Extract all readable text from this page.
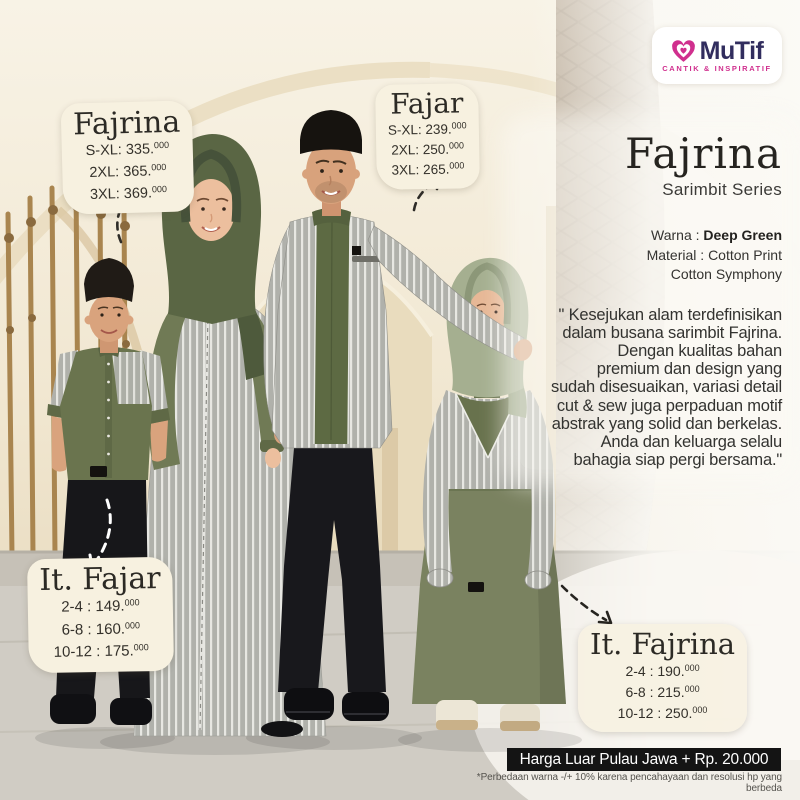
MuTif
CANTIK & INSPIRATIF
Fajrina
Sarimbit Series
Warna : Deep Green
Material : Cotton Print
Cotton Symphony
" Kesejukan alam terdefinisikan
dalam busana sarimbit Fajrina.
Dengan kualitas bahan
premium dan design yang
sudah disesuaikan, variasi detail
cut & sew juga perpaduan motif
abstrak yang solid dan berkelas.
Anda dan keluarga selalu
bahagia siap pergi bersama."
Fajrina
S-XL: 335.$^{000}$
2XL: 365.$^{000}$
3XL: 369.$^{000}$
Fajar
S-XL: 239.$^{000}$
2XL: 250.$^{000}$
3XL: 265.$^{000}$
It. Fajar
2-4 : 149.$^{000}$
6-8 : 160.$^{000}$
10-12 : 175.$^{000}$	It. Fajrina
2-4 : 190.$^{000}$
6-8 : 215.$^{000}$
10-12 : 250.$^{000}$
Harga Luar Pulau Jawa + Rp. 20.000
*Perbedaan warna -/+ 10% karena pencahayaan dan resolusi hp yang berbeda
